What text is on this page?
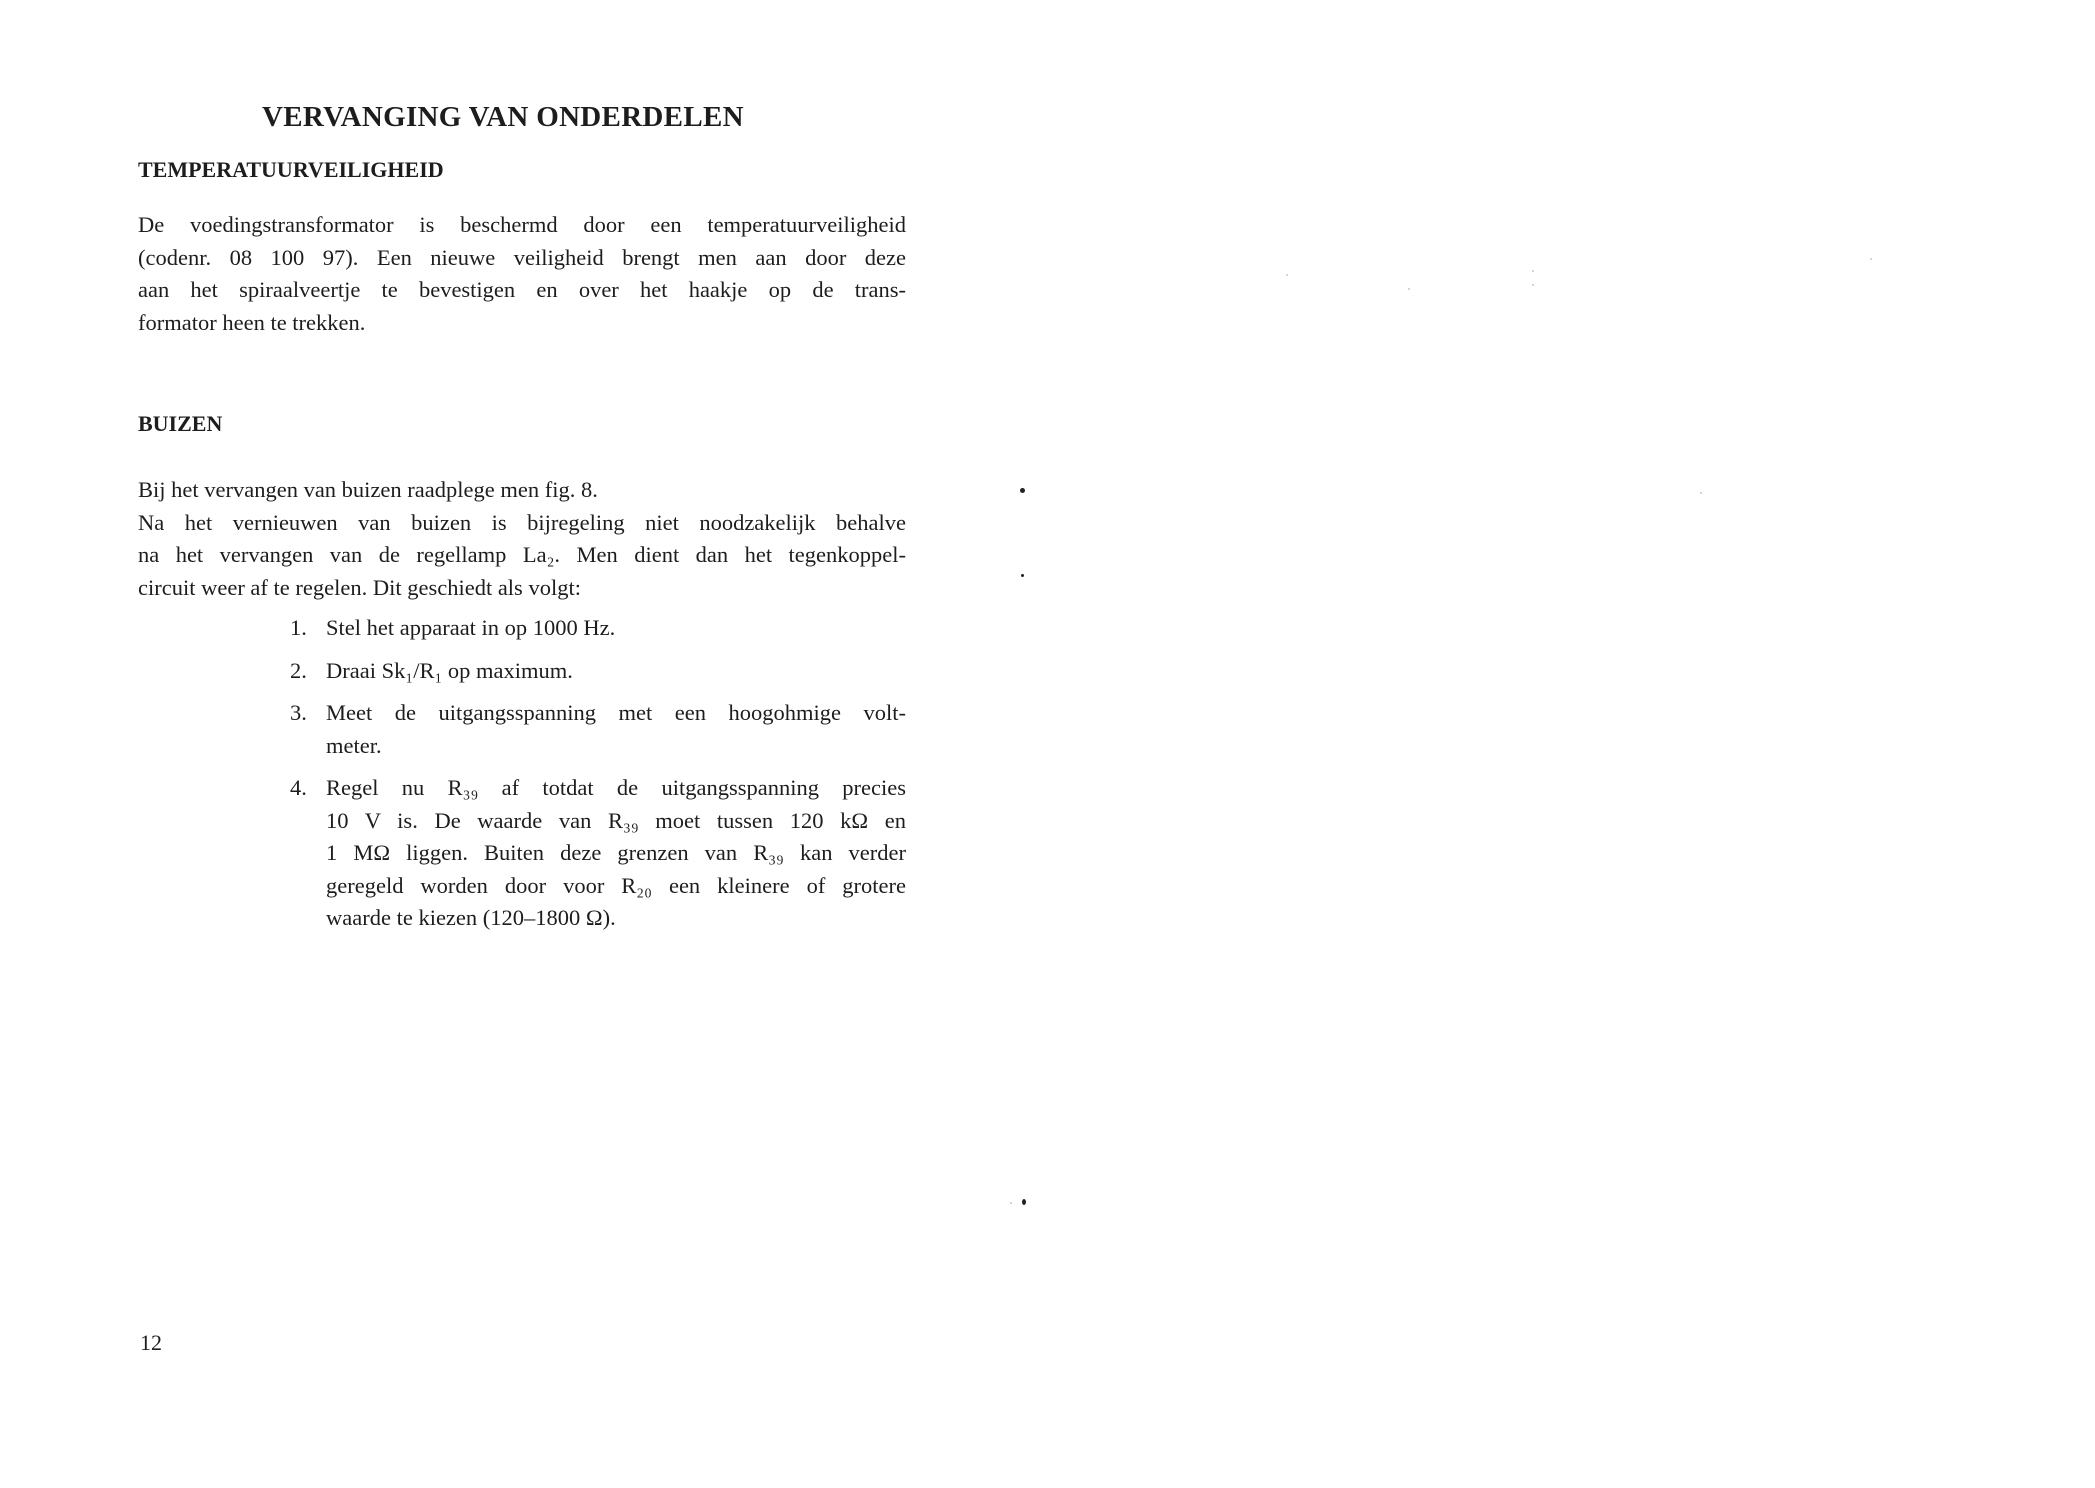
VERVANGING VAN ONDERDELEN
TEMPERATUURVEILIGHEID

De voedingstransformator is beschermd door een temperatuurveiligheid
(codenr. 08 100 97). Een nieuwe veiligheid brengt men aan door deze
aan het spiraalveertje te bevestigen en over het haakje op de trans-
formator heen te trekken.

BUIZEN

Bij het vervangen van buizen raadplege men fig. 8.
Na het vernieuwen van buizen is bijregeling niet noodzakelijk behalve
na het vervangen van de regellamp La₂. Men dient dan het tegenkoppel-
circuit weer af te regelen. Dit geschiedt als volgt:

1. Stel het apparaat in op 1000 Hz.
2. Draai Sk₁/R₁ op maximum.
3. Meet de uitgangsspanning met een hoogohmige volt-
meter.
4. Regel nu R₃₉ af totdat de uitgangsspanning precies
10 V is. De waarde van R₃₉ moet tussen 120 kΩ en
1 MΩ liggen. Buiten deze grenzen van R₃₉ kan verder
geregeld worden door voor R₂₀ een kleinere of grotere
waarde te kiezen (120–1800 Ω).

12
